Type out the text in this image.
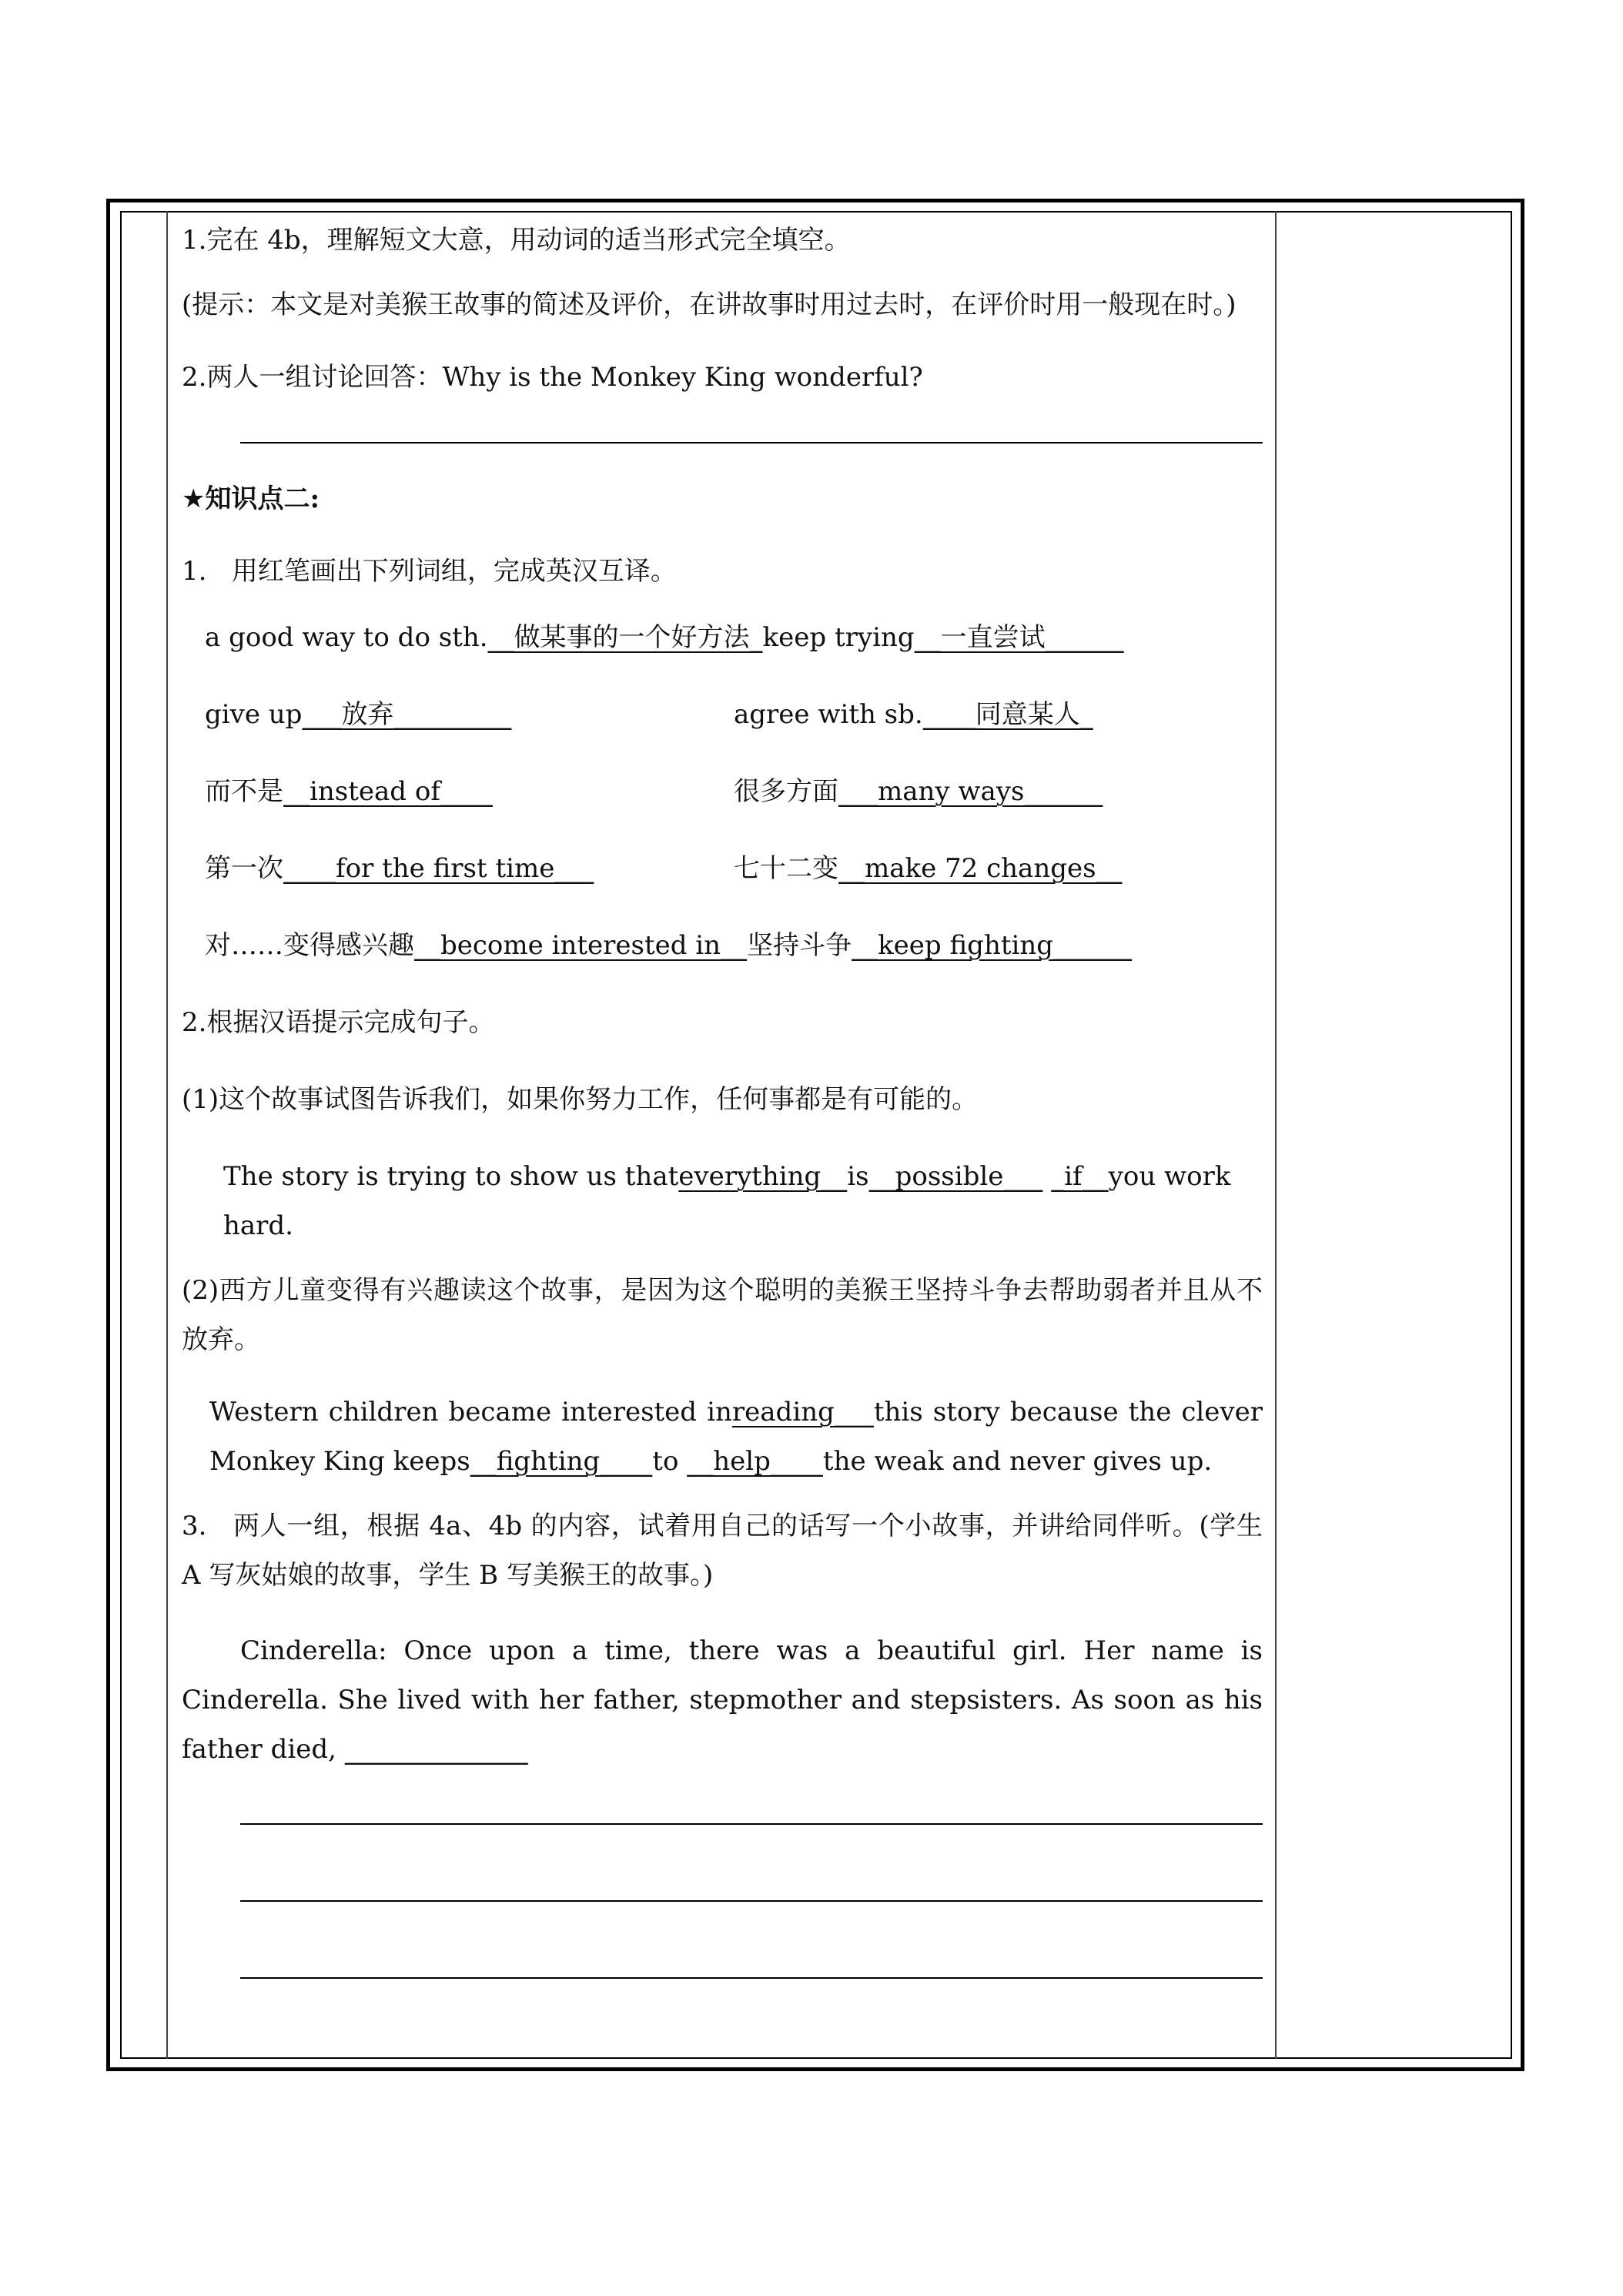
1.完在 4b，理解短文大意，用动词的适当形式完全填空。

(提示：本文是对美猴王故事的简述及评价，在讲故事时用过去时，在评价时用一般现在时。)

2.两人一组讨论回答：Why is the Monkey King wonderful?

★知识点二:

1.   用红笔画出下列词组，完成英汉互译。

a good way to do sth.__做某事的一个好方法_ keep trying__一直尝试______
give up___放弃_________	agree with sb.____同意某人_
而不是__instead of____	很多方面___many ways______
第一次____for the first time___	七十二变__make 72 changes__
对……变得感兴趣__become interested in__ 坚持斗争__keep fighting______

2.根据汉语提示完成句子。

(1)这个故事试图告诉我们，如果你努力工作，任何事都是有可能的。

The story is trying to show us thateverything__is__possible___ _if__you work hard.

(2)西方儿童变得有兴趣读这个故事，是因为这个聪明的美猴王坚持斗争去帮助弱者并且从不放弃。

Western children became interested inreading___this story because the clever Monkey King keeps__fighting____to __help____the weak and never gives up.

3.   两人一组，根据 4a、4b 的内容，试着用自己的话写一个小故事，并讲给同伴听。(学生 A 写灰姑娘的故事，学生 B 写美猴王的故事。)

Cinderella: Once upon a time, there was a beautiful girl. Her name is Cinderella. She lived with her father, stepmother and stepsisters. As soon as his father died, ______________
